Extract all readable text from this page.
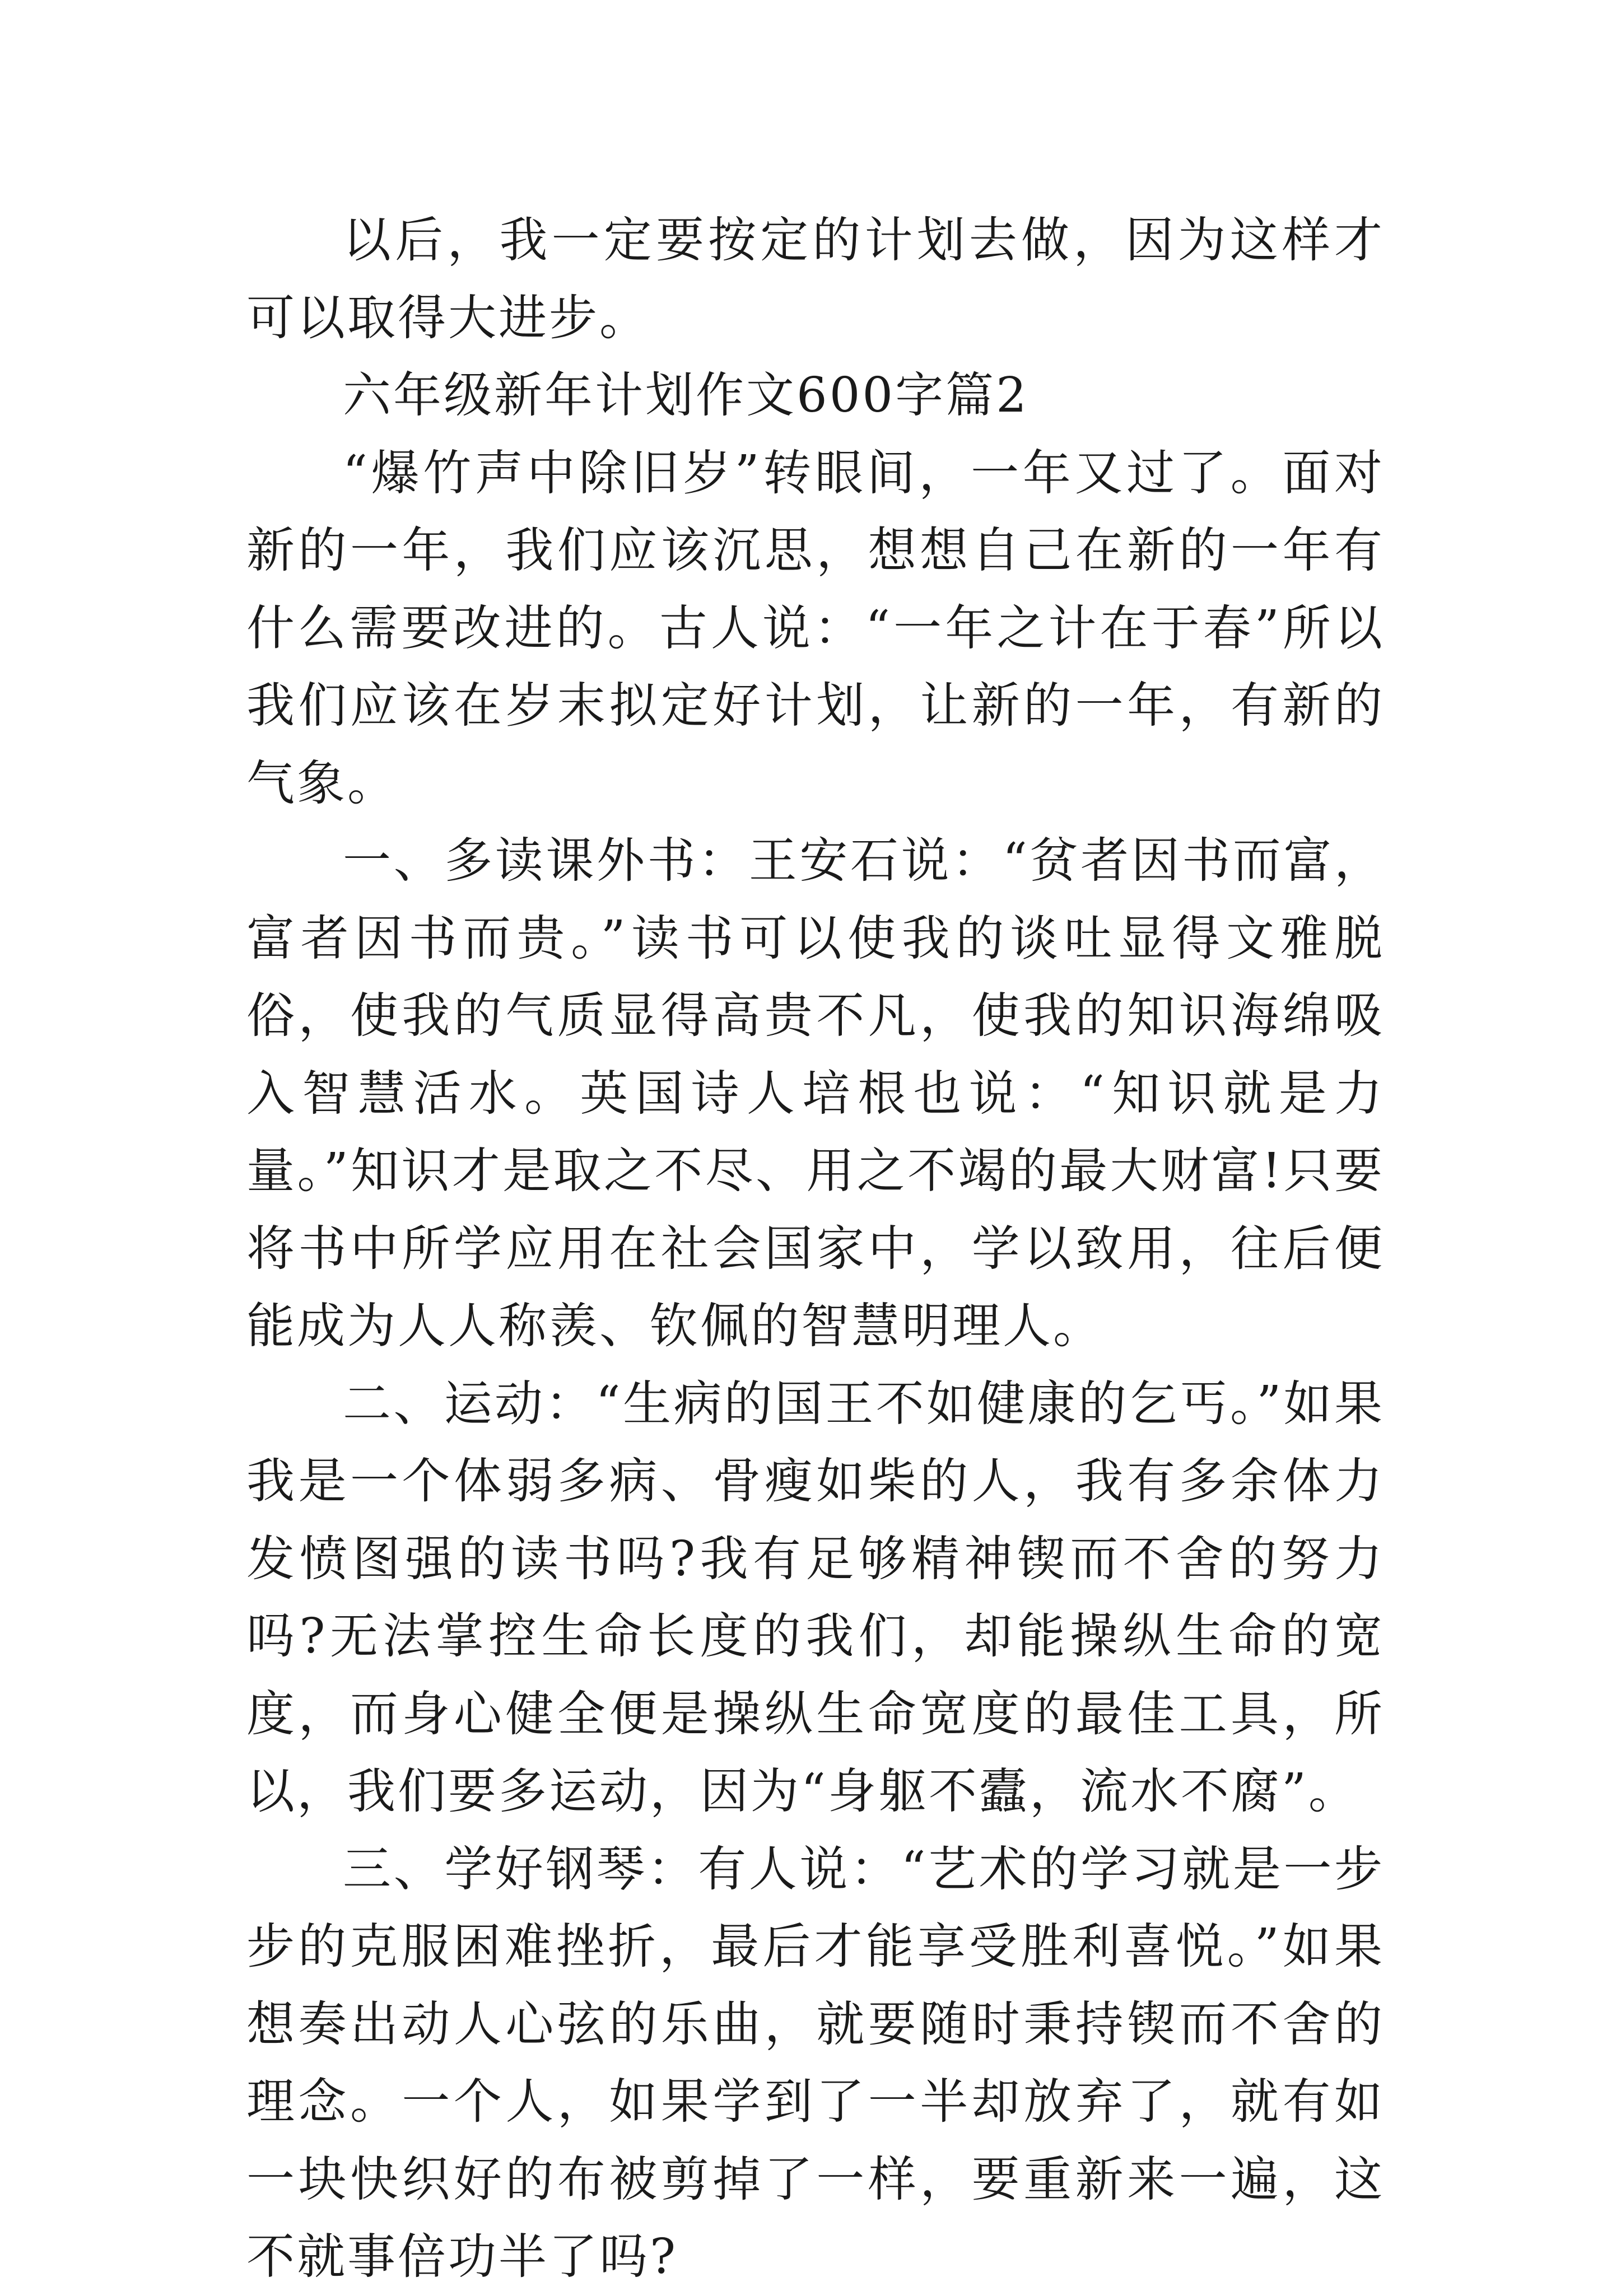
以后，我一定要按定的计划去做，因为这样才可以取得大进步。

六年级新年计划作文600字篇2

“爆竹声中除旧岁”转眼间，一年又过了。面对新的一年，我们应该沉思，想想自己在新的一年有什么需要改进的。古人说：“一年之计在于春”所以我们应该在岁末拟定好计划，让新的一年，有新的气象。

一、多读课外书：王安石说：“贫者因书而富，富者因书而贵。”读书可以使我的谈吐显得文雅脱俗，使我的气质显得高贵不凡，使我的知识海绵吸入智慧活水。英国诗人培根也说：“知识就是力量。”知识才是取之不尽、用之不竭的最大财富!只要将书中所学应用在社会国家中，学以致用，往后便能成为人人称羡、钦佩的智慧明理人。

二、运动：“生病的国王不如健康的乞丐。”如果我是一个体弱多病、骨瘦如柴的人，我有多余体力发愤图强的读书吗?我有足够精神锲而不舍的努力吗?无法掌控生命长度的我们，却能操纵生命的宽度，而身心健全便是操纵生命宽度的最佳工具，所以，我们要多运动，因为“身躯不蠹，流水不腐”。

三、学好钢琴：有人说：“艺术的学习就是一步步的克服困难挫折，最后才能享受胜利喜悦。”如果想奏出动人心弦的乐曲，就要随时秉持锲而不舍的理念。一个人，如果学到了一半却放弃了，就有如一块快织好的布被剪掉了一样，要重新来一遍，这不就事倍功半了吗?
